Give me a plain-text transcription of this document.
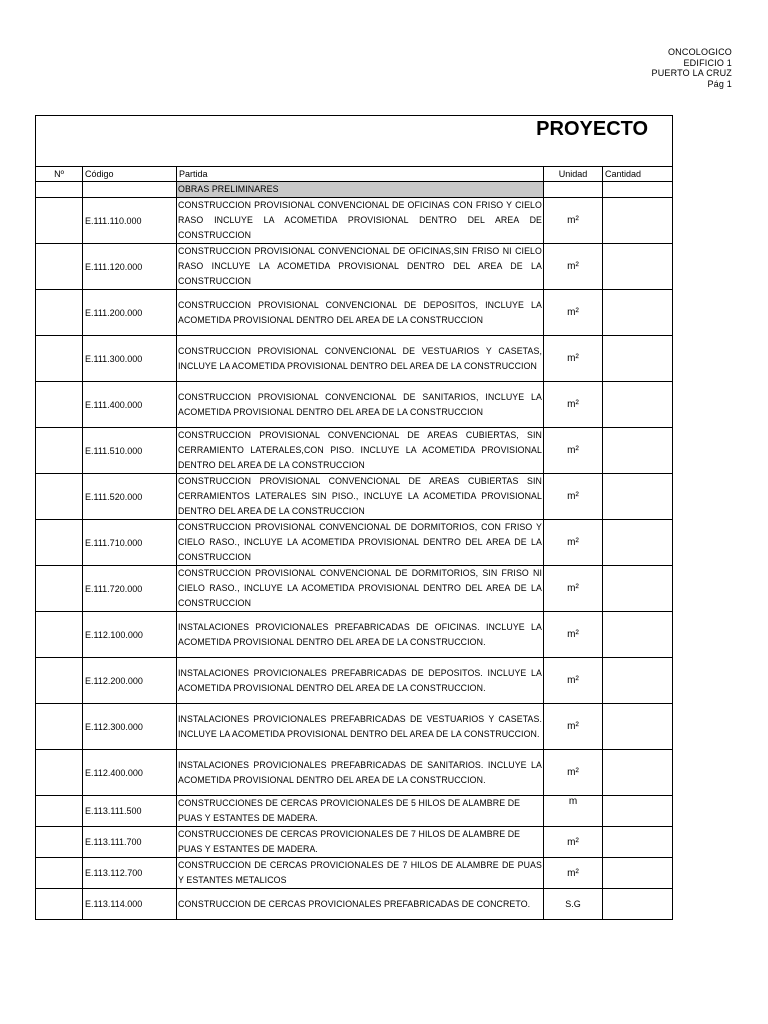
ONCOLOGICO
EDIFICIO 1
PUERTO LA CRUZ
Pág 1
PROYECTO				

Nº	Código	Partida	Unidad	Cantidad
		OBRAS PRELIMINARES		
	E.111.110.000	CONSTRUCCION PROVISIONAL CONVENCIONAL DE OFICINAS CON FRISO Y CIELO RASO INCLUYE LA ACOMETIDA PROVISIONAL DENTRO DEL AREA DE CONSTRUCCION	m²	
	E.111.120.000	CONSTRUCCION PROVISIONAL CONVENCIONAL DE OFICINAS,SIN FRISO NI CIELO RASO INCLUYE LA ACOMETIDA PROVISIONAL DENTRO DEL AREA DE LA CONSTRUCCION	m²	
	E.111.200.000	CONSTRUCCION PROVISIONAL CONVENCIONAL DE DEPOSITOS, INCLUYE LA ACOMETIDA PROVISIONAL DENTRO DEL AREA DE LA CONSTRUCCION	m²	
	E.111.300.000	CONSTRUCCION PROVISIONAL CONVENCIONAL DE VESTUARIOS Y CASETAS, INCLUYE LA ACOMETIDA PROVISIONAL DENTRO DEL AREA DE LA CONSTRUCCION	m²	
	E.111.400.000	CONSTRUCCION PROVISIONAL CONVENCIONAL DE SANITARIOS, INCLUYE LA ACOMETIDA PROVISIONAL DENTRO DEL AREA DE LA CONSTRUCCION	m²	
	E.111.510.000	CONSTRUCCION PROVISIONAL CONVENCIONAL DE AREAS CUBIERTAS, SIN CERRAMIENTO LATERALES,CON PISO. INCLUYE LA ACOMETIDA PROVISIONAL DENTRO DEL AREA DE LA CONSTRUCCION	m²	
	E.111.520.000	CONSTRUCCION PROVISIONAL CONVENCIONAL DE AREAS CUBIERTAS SIN CERRAMIENTOS LATERALES SIN PISO., INCLUYE LA ACOMETIDA PROVISIONAL DENTRO DEL AREA DE LA CONSTRUCCION	m²	
	E.111.710.000	CONSTRUCCION PROVISIONAL CONVENCIONAL DE DORMITORIOS, CON FRISO Y CIELO RASO., INCLUYE LA ACOMETIDA PROVISIONAL DENTRO DEL AREA DE LA CONSTRUCCION	m²	
	E.111.720.000	CONSTRUCCION PROVISIONAL CONVENCIONAL DE DORMITORIOS, SIN FRISO NI CIELO RASO., INCLUYE LA ACOMETIDA PROVISIONAL DENTRO DEL AREA DE LA CONSTRUCCION	m²	
	E.112.100.000	INSTALACIONES PROVICIONALES PREFABRICADAS DE OFICINAS. INCLUYE LA ACOMETIDA PROVISIONAL DENTRO DEL AREA DE LA CONSTRUCCION.	m²	
	E.112.200.000	INSTALACIONES PROVICIONALES PREFABRICADAS DE DEPOSITOS. INCLUYE LA ACOMETIDA PROVISIONAL DENTRO DEL AREA DE LA CONSTRUCCION.	m²	
	E.112.300.000	INSTALACIONES PROVICIONALES PREFABRICADAS DE VESTUARIOS Y CASETAS. INCLUYE LA ACOMETIDA PROVISIONAL DENTRO DEL AREA DE LA CONSTRUCCION.	m²	
	E.112.400.000	INSTALACIONES PROVICIONALES PREFABRICADAS DE SANITARIOS. INCLUYE LA ACOMETIDA PROVISIONAL DENTRO DEL AREA DE LA CONSTRUCCION.	m²	
	E.113.111.500	CONSTRUCCIONES DE CERCAS PROVICIONALES DE 5 HILOS DE ALAMBRE DE PUAS Y ESTANTES DE MADERA.	m	
	E.113.111.700	CONSTRUCCIONES DE CERCAS PROVICIONALES DE 7 HILOS DE ALAMBRE DE PUAS Y ESTANTES DE MADERA.	m²	
	E.113.112.700	CONSTRUCCION DE CERCAS PROVICIONALES DE 7 HILOS DE ALAMBRE DE PUAS Y ESTANTES METALICOS	m²	
	E.113.114.000	CONSTRUCCION DE CERCAS PROVICIONALES PREFABRICADAS DE CONCRETO.	S.G	
